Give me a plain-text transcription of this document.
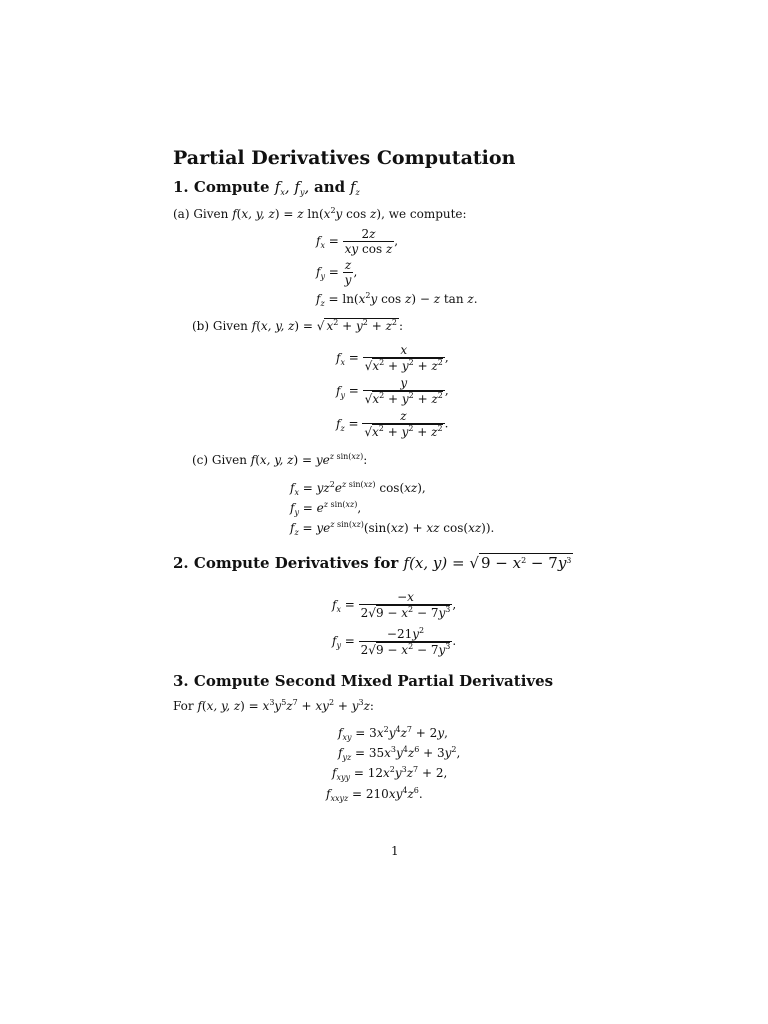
Partial Derivatives Computation
1. Compute $f_x$, $f_y$, and $f_z$
(a) Given f(x, y, z) = z $\ln(x^2y$ cos z), we compute:
$f_x = \frac{2z}{\text{xy cos z}}$ ,
$f_y = \frac{z}{y}$ ,
$f_z = \ln(x^2y$ cos z) − z tan z.
(b) Given f(x, y, z) = √ $x^2 + y^2 + z^2$ :
$f_x = \frac{x}{√x^2 + y^2 + z^2}$ ,
$f_y = \frac{y}{√x^2 + y^2 + z^2}$ ,
$f_z = \frac{z}{√x^2 + y^2 + z^2}$ .
(c) Given f(x, y, $z) = ye^{z sin(xz)}$:
$f_x = yz^2e^{z sin(xz)}$ cos(xz),
$f_y = e^{z sin(xz)}$,
$f_z = ye^{z sin(xz)}(\sin(xz)$ + xz cos(xz)).
2. Compute Derivatives for f(x, y) = √ $9 - x^2 - 7y^3$
$f_x = \frac{-x}{2√9 - x^2 - 7y^3}$ ,
$f_y = \frac{-21y^2}{2√9 - x^2 - 7y^3}$ .
3. Compute Second Mixed Partial Derivatives
For f(x, y, $z) = x^3y^5z^7 + xy^2 + y^3z$:
$f_{xy} = 3x^2y^4z^7 + 2y$,
$f_{yz} = 35x^3y^4z^6 + 3y^2$,
$f_{xyy} = 12x^2y^3z^7 + 2$,
$f_{xxyz} = 210xy^4z^6$.
1
